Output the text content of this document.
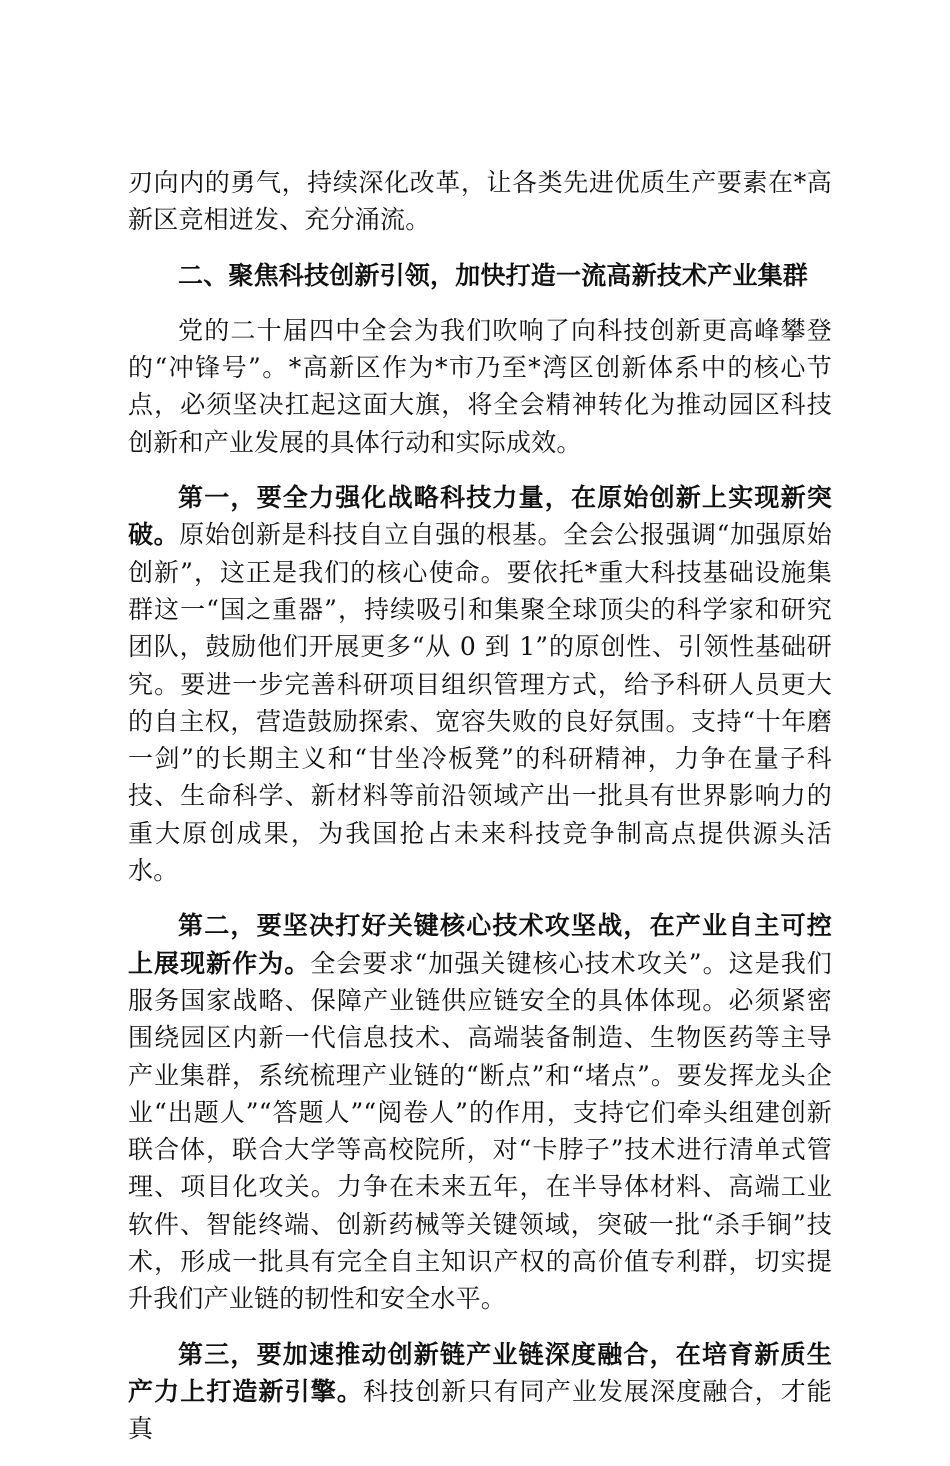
刃向内的勇气，持续深化改革，让各类先进优质生产要素在*高新区竞相迸发、充分涌流。

二、聚焦科技创新引领，加快打造一流高新技术产业集群

党的二十届四中全会为我们吹响了向科技创新更高峰攀登的“冲锋号”。*高新区作为*市乃至*湾区创新体系中的核心节点，必须坚决扛起这面大旗，将全会精神转化为推动园区科技创新和产业发展的具体行动和实际成效。

第一，要全力强化战略科技力量，在原始创新上实现新突破。原始创新是科技自立自强的根基。全会公报强调“加强原始创新”，这正是我们的核心使命。要依托*重大科技基础设施集群这一“国之重器”，持续吸引和集聚全球顶尖的科学家和研究团队，鼓励他们开展更多“从 0 到 1”的原创性、引领性基础研究。要进一步完善科研项目组织管理方式，给予科研人员更大的自主权，营造鼓励探索、宽容失败的良好氛围。支持“十年磨一剑”的长期主义和“甘坐冷板凳”的科研精神，力争在量子科技、生命科学、新材料等前沿领域产出一批具有世界影响力的重大原创成果，为我国抢占未来科技竞争制高点提供源头活水。

第二，要坚决打好关键核心技术攻坚战，在产业自主可控上展现新作为。全会要求“加强关键核心技术攻关”。这是我们服务国家战略、保障产业链供应链安全的具体体现。必须紧密围绕园区内新一代信息技术、高端装备制造、生物医药等主导产业集群，系统梳理产业链的“断点”和“堵点”。要发挥龙头企业“出题人”“答题人”“阅卷人”的作用，支持它们牵头组建创新联合体，联合大学等高校院所，对“卡脖子”技术进行清单式管理、项目化攻关。力争在未来五年，在半导体材料、高端工业软件、智能终端、创新药械等关键领域，突破一批“杀手锏”技术，形成一批具有完全自主知识产权的高价值专利群，切实提升我们产业链的韧性和安全水平。

第三，要加速推动创新链产业链深度融合，在培育新质生产力上打造新引擎。科技创新只有同产业发展深度融合，才能真
